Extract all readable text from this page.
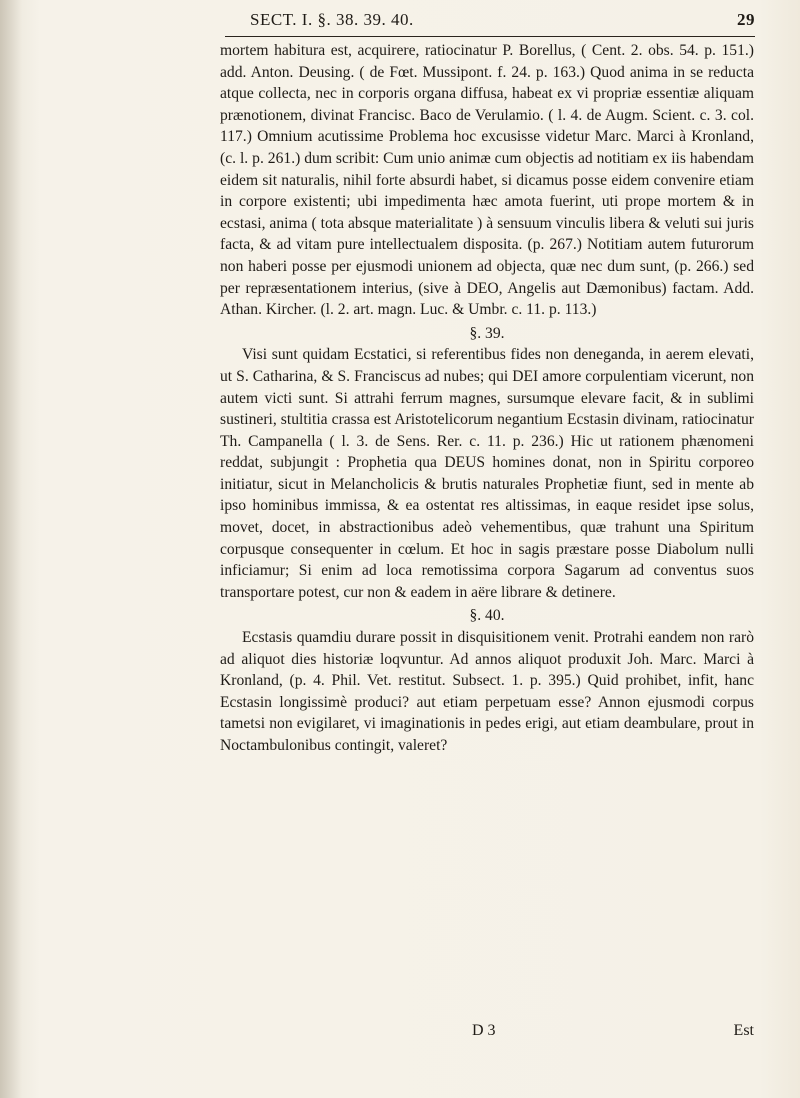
SECT. I. §. 38. 39. 40.	29

mortem habitura est, acquirere, ratiocinatur P. Borellus, ( Cent. 2. obs. 54. p. 151.) add. Anton. Deusing. ( de Fœt. Mussipont. f. 24. p. 163.) Quod anima in se reducta atque collecta, nec in corporis organa diffusa, habeat ex vi propriæ essentiæ aliquam prænotionem, divinat Francisc. Baco de Verulamio. ( l. 4. de Augm. Scient. c. 3. col. 117.) Omnium acutissime Problema hoc excusisse videtur Marc. Marci à Kronland, (c. l. p. 261.) dum scribit: Cum unio animæ cum objectis ad notitiam ex iis habendam eidem sit naturalis, nihil forte absurdi habet, si dicamus posse eidem convenire etiam in corpore existenti; ubi impedimenta hæc amota fuerint, uti prope mortem & in ecstasi, anima ( tota absque materialitate ) à sensuum vinculis libera & veluti sui juris facta, & ad vitam pure intellectualem disposita. (p. 267.) Notitiam autem futurorum non haberi posse per ejusmodi unionem ad objecta, quæ nec dum sunt, (p. 266.) sed per repræsentationem interius, (sive à DEO, Angelis aut Dæmonibus) factam. Add. Athan. Kircher. (l. 2. art. magn. Luc. & Umbr. c. 11. p. 113.)

§. 39.

Visi sunt quidam Ecstatici, si referentibus fides non deneganda, in aerem elevati, ut S. Catharina, & S. Franciscus ad nubes; qui DEI amore corpulentiam vicerunt, non autem victi sunt. Si attrahi ferrum magnes, sursumque elevare facit, & in sublimi sustineri, stultitia crassa est Aristotelicorum negantium Ecstasin divinam, ratiocinatur Th. Campanella ( l. 3. de Sens. Rer. c. 11. p. 236.) Hic ut rationem phænomeni reddat, subjungit : Prophetia qua DEUS homines donat, non in Spiritu corporeo initiatur, sicut in Melancholicis & brutis naturales Prophetiæ fiunt, sed in mente ab ipso hominibus immissa, & ea ostentat res altissimas, in eaque residet ipse solus, movet, docet, in abstractionibus adeò vehementibus, quæ trahunt una Spiritum corpusque consequenter in cœlum. Et hoc in sagis præstare posse Diabolum nulli inficiamur; Si enim ad loca remotissima corpora Sagarum ad conventus suos transportare potest, cur non & eadem in aëre librare & detinere.

§. 40.

Ecstasis quamdiu durare possit in disquisitionem venit. Protrahi eandem non rarò ad aliquot dies historiæ loqvuntur. Ad annos aliquot produxit Joh. Marc. Marci à Kronland, (p. 4. Phil. Vet. restitut. Subsect. 1. p. 395.) Quid prohibet, infit, hanc Ecstasin longissimè produci? aut etiam perpetuam esse? Annon ejusmodi corpus tametsi non evigilaret, vi imaginationis in pedes erigi, aut etiam deambulare, prout in Noctambulonibus contingit, valeret?

D 3	Est
